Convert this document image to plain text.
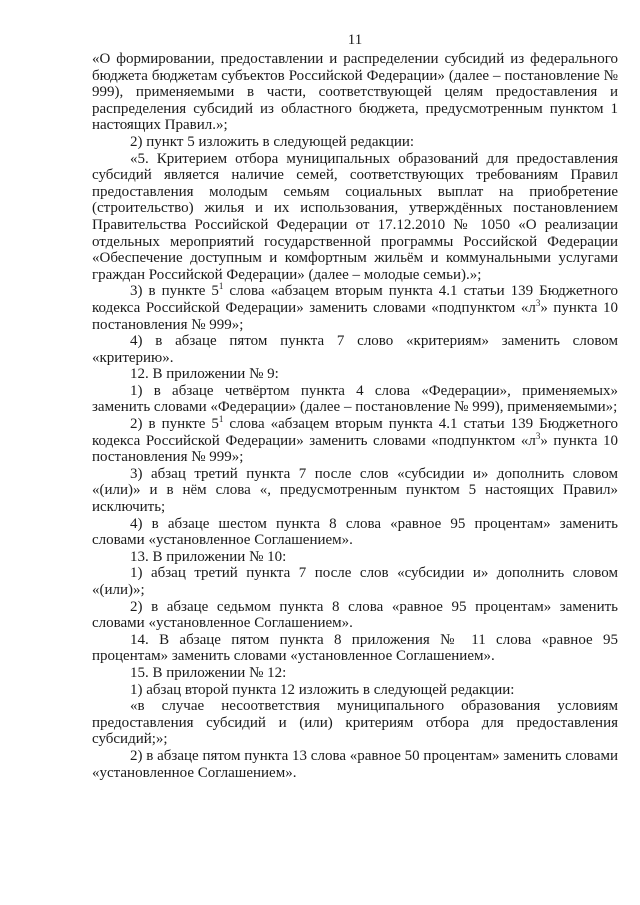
11

«О формировании, предоставлении и распределении субсидий из федерального бюджета бюджетам субъектов Российской Федерации» (далее – постановление № 999), применяемыми в части, соответствующей целям предоставления и распределения субсидий из областного бюджета, предусмотренным пунктом 1 настоящих Правил.»;

2) пункт 5 изложить в следующей редакции:

«5. Критерием отбора муниципальных образований для предоставления субсидий является наличие семей, соответствующих требованиям Правил предоставления молодым семьям социальных выплат на приобретение (строительство) жилья и их использования, утверждённых постановлением Правительства Российской Федерации от 17.12.2010 № 1050 «О реализации отдельных мероприятий государственной программы Российской Федерации «Обеспечение доступным и комфортным жильём и коммунальными услугами граждан Российской Федерации» (далее – молодые семьи).»;

3) в пункте $5^1$ слова «абзацем вторым пункта 4.1 статьи 139 Бюджетного кодекса Российской Федерации» заменить словами «подпунктом «$л^3$» пункта 10 постановления № 999»;

4) в абзаце пятом пункта 7 слово «критериям» заменить словом «критерию».

12. В приложении № 9:

1) в абзаце четвёртом пункта 4 слова «Федерации», применяемых» заменить словами «Федерации» (далее – постановление № 999), применяемыми»;

2) в пункте $5^1$ слова «абзацем вторым пункта 4.1 статьи 139 Бюджетного кодекса Российской Федерации» заменить словами «подпунктом «$л^3$» пункта 10 постановления № 999»;

3) абзац третий пункта 7 после слов «субсидии и» дополнить словом «(или)» и в нём слова «, предусмотренным пунктом 5 настоящих Правил» исключить;

4) в абзаце шестом пункта 8 слова «равное 95 процентам» заменить словами «установленное Соглашением».

13. В приложении № 10:

1) абзац третий пункта 7 после слов «субсидии и» дополнить словом «(или)»;

2) в абзаце седьмом пункта 8 слова «равное 95 процентам» заменить словами «установленное Соглашением».

14. В абзаце пятом пункта 8 приложения № 11 слова «равное 95 процентам» заменить словами «установленное Соглашением».

15. В приложении № 12:

1) абзац второй пункта 12 изложить в следующей редакции:

«в случае несоответствия муниципального образования условиям предоставления субсидий и (или) критериям отбора для предоставления субсидий;»;

2) в абзаце пятом пункта 13 слова «равное 50 процентам» заменить словами «установленное Соглашением».
